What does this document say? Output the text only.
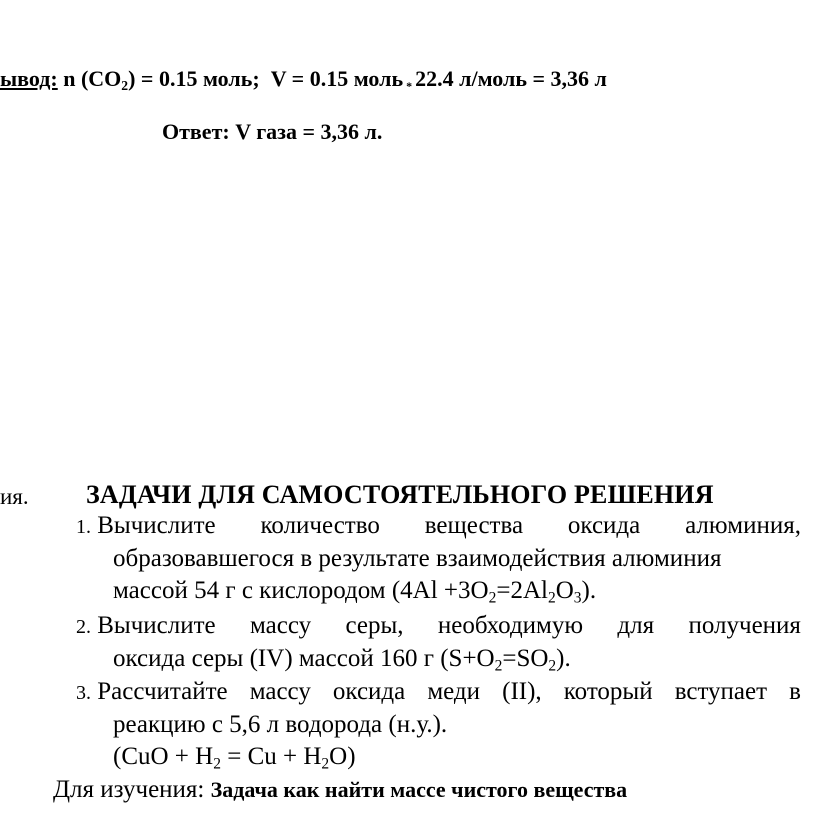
ывод: n $(CO_2) = 0.15$ моль; V = 0.15 моль * 22.4 л/моль = 3,36 л
Ответ: V газа = 3,36 л.
ия. ЗАДАЧИ ДЛЯ САМОСТОЯТЕЛЬНОГО РЕШЕНИЯ
1. Вычислите количество вещества оксида алюминия,
образовавшегося в результате взаимодействия алюминия
массой 54 г с кислородом $(4Al +3O_2=2Al_2O_3)$.
2. Вычислите массу серы, необходимую для получения
оксида серы (IV) массой 160 г $(S+O_2=SO_2)$.
3. Рассчитайте массу оксида меди (II), который вступает в
реакцию с 5,6 л водорода (н.у.).
$(CuO + H_2 = Cu + H_2O)$
Для изучения: Задача как найти массе чистого вещества
